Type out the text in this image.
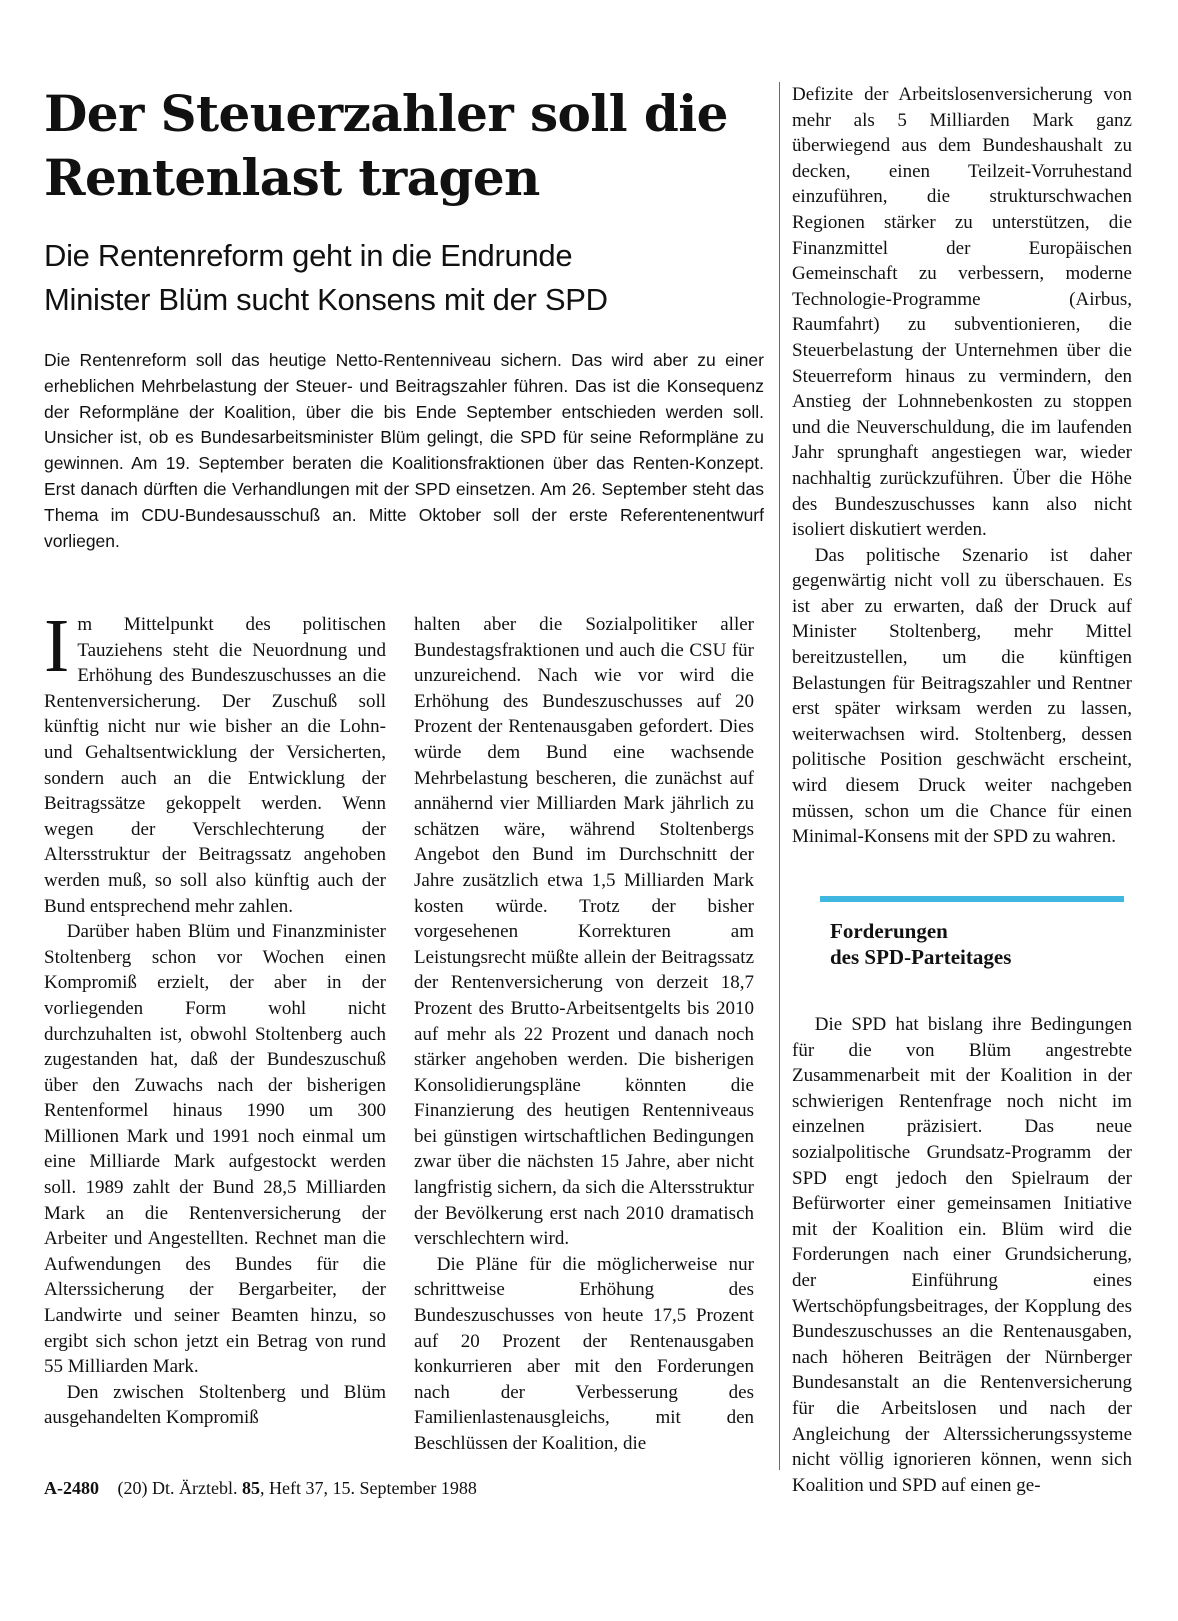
Der Steuerzahler soll die Rentenlast tragen
Die Rentenreform geht in die Endrunde
Minister Blüm sucht Konsens mit der SPD
Die Rentenreform soll das heutige Netto-Rentenniveau sichern. Das wird aber zu einer erheblichen Mehrbelastung der Steuer- und Beitragszahler führen. Das ist die Konsequenz der Reformpläne der Koalition, über die bis Ende September entschieden werden soll. Unsicher ist, ob es Bundesarbeitsminister Blüm gelingt, die SPD für seine Reformpläne zu gewinnen. Am 19. September beraten die Koalitionsfraktionen über das Renten-Konzept. Erst danach dürften die Verhandlungen mit der SPD einsetzen. Am 26. September steht das Thema im CDU-Bundesausschuß an. Mitte Oktober soll der erste Referentenentwurf vorliegen.

Im Mittelpunkt des politischen Tauziehens steht die Neuordnung und Erhöhung des Bundeszuschusses an die Rentenversicherung. Der Zuschuß soll künftig nicht nur wie bisher an die Lohn- und Gehaltsentwicklung der Versicherten, sondern auch an die Entwicklung der Beitragssätze gekoppelt werden. Wenn wegen der Verschlechterung der Altersstruktur der Beitragssatz angehoben werden muß, so soll also künftig auch der Bund entsprechend mehr zahlen.

Darüber haben Blüm und Finanzminister Stoltenberg schon vor Wochen einen Kompromiß erzielt, der aber in der vorliegenden Form wohl nicht durchzuhalten ist, obwohl Stoltenberg auch zugestanden hat, daß der Bundeszuschuß über den Zuwachs nach der bisherigen Rentenformel hinaus 1990 um 300 Millionen Mark und 1991 noch einmal um eine Milliarde Mark aufgestockt werden soll. 1989 zahlt der Bund 28,5 Milliarden Mark an die Rentenversicherung der Arbeiter und Angestellten. Rechnet man die Aufwendungen des Bundes für die Alterssicherung der Bergarbeiter, der Landwirte und seiner Beamten hinzu, so ergibt sich schon jetzt ein Betrag von rund 55 Milliarden Mark.

Den zwischen Stoltenberg und Blüm ausgehandelten Kompromiß

halten aber die Sozialpolitiker aller Bundestagsfraktionen und auch die CSU für unzureichend. Nach wie vor wird die Erhöhung des Bundeszuschusses auf 20 Prozent der Rentenausgaben gefordert. Dies würde dem Bund eine wachsende Mehrbelastung bescheren, die zunächst auf annähernd vier Milliarden Mark jährlich zu schätzen wäre, während Stoltenbergs Angebot den Bund im Durchschnitt der Jahre zusätzlich etwa 1,5 Milliarden Mark kosten würde. Trotz der bisher vorgesehenen Korrekturen am Leistungsrecht müßte allein der Beitragssatz der Rentenversicherung von derzeit 18,7 Prozent des Brutto-Arbeitsentgelts bis 2010 auf mehr als 22 Prozent und danach noch stärker angehoben werden. Die bisherigen Konsolidierungspläne könnten die Finanzierung des heutigen Rentenniveaus bei günstigen wirtschaftlichen Bedingungen zwar über die nächsten 15 Jahre, aber nicht langfristig sichern, da sich die Altersstruktur der Bevölkerung erst nach 2010 dramatisch verschlechtern wird.

Die Pläne für die möglicherweise nur schrittweise Erhöhung des Bundeszuschusses von heute 17,5 Prozent auf 20 Prozent der Rentenausgaben konkurrieren aber mit den Forderungen nach der Verbesserung des Familienlastenausgleichs, mit den Beschlüssen der Koalition, die

Defizite der Arbeitslosenversicherung von mehr als 5 Milliarden Mark ganz überwiegend aus dem Bundeshaushalt zu decken, einen Teilzeit-Vorruhestand einzuführen, die strukturschwachen Regionen stärker zu unterstützen, die Finanzmittel der Europäischen Gemeinschaft zu verbessern, moderne Technologie-Programme (Airbus, Raumfahrt) zu subventionieren, die Steuerbelastung der Unternehmen über die Steuerreform hinaus zu vermindern, den Anstieg der Lohnnebenkosten zu stoppen und die Neuverschuldung, die im laufenden Jahr sprunghaft angestiegen war, wieder nachhaltig zurückzuführen. Über die Höhe des Bundeszuschusses kann also nicht isoliert diskutiert werden.

Das politische Szenario ist daher gegenwärtig nicht voll zu überschauen. Es ist aber zu erwarten, daß der Druck auf Minister Stoltenberg, mehr Mittel bereitzustellen, um die künftigen Belastungen für Beitragszahler und Rentner erst später wirksam werden zu lassen, weiterwachsen wird. Stoltenberg, dessen politische Position geschwächt erscheint, wird diesem Druck weiter nachgeben müssen, schon um die Chance für einen Minimal-Konsens mit der SPD zu wahren.

Forderungen
des SPD-Parteitages

Die SPD hat bislang ihre Bedingungen für die von Blüm angestrebte Zusammenarbeit mit der Koalition in der schwierigen Rentenfrage noch nicht im einzelnen präzisiert. Das neue sozialpolitische Grundsatz-Programm der SPD engt jedoch den Spielraum der Befürworter einer gemeinsamen Initiative mit der Koalition ein. Blüm wird die Forderungen nach einer Grundsicherung, der Einführung eines Wertschöpfungsbeitrages, der Kopplung des Bundeszuschusses an die Rentenausgaben, nach höheren Beiträgen der Nürnberger Bundesanstalt an die Rentenversicherung für die Arbeitslosen und nach der Angleichung der Alterssicherungssysteme nicht völlig ignorieren können, wenn sich Koalition und SPD auf einen ge-

A-2480 (20) Dt. Ärztebl. 85, Heft 37, 15. September 1988
